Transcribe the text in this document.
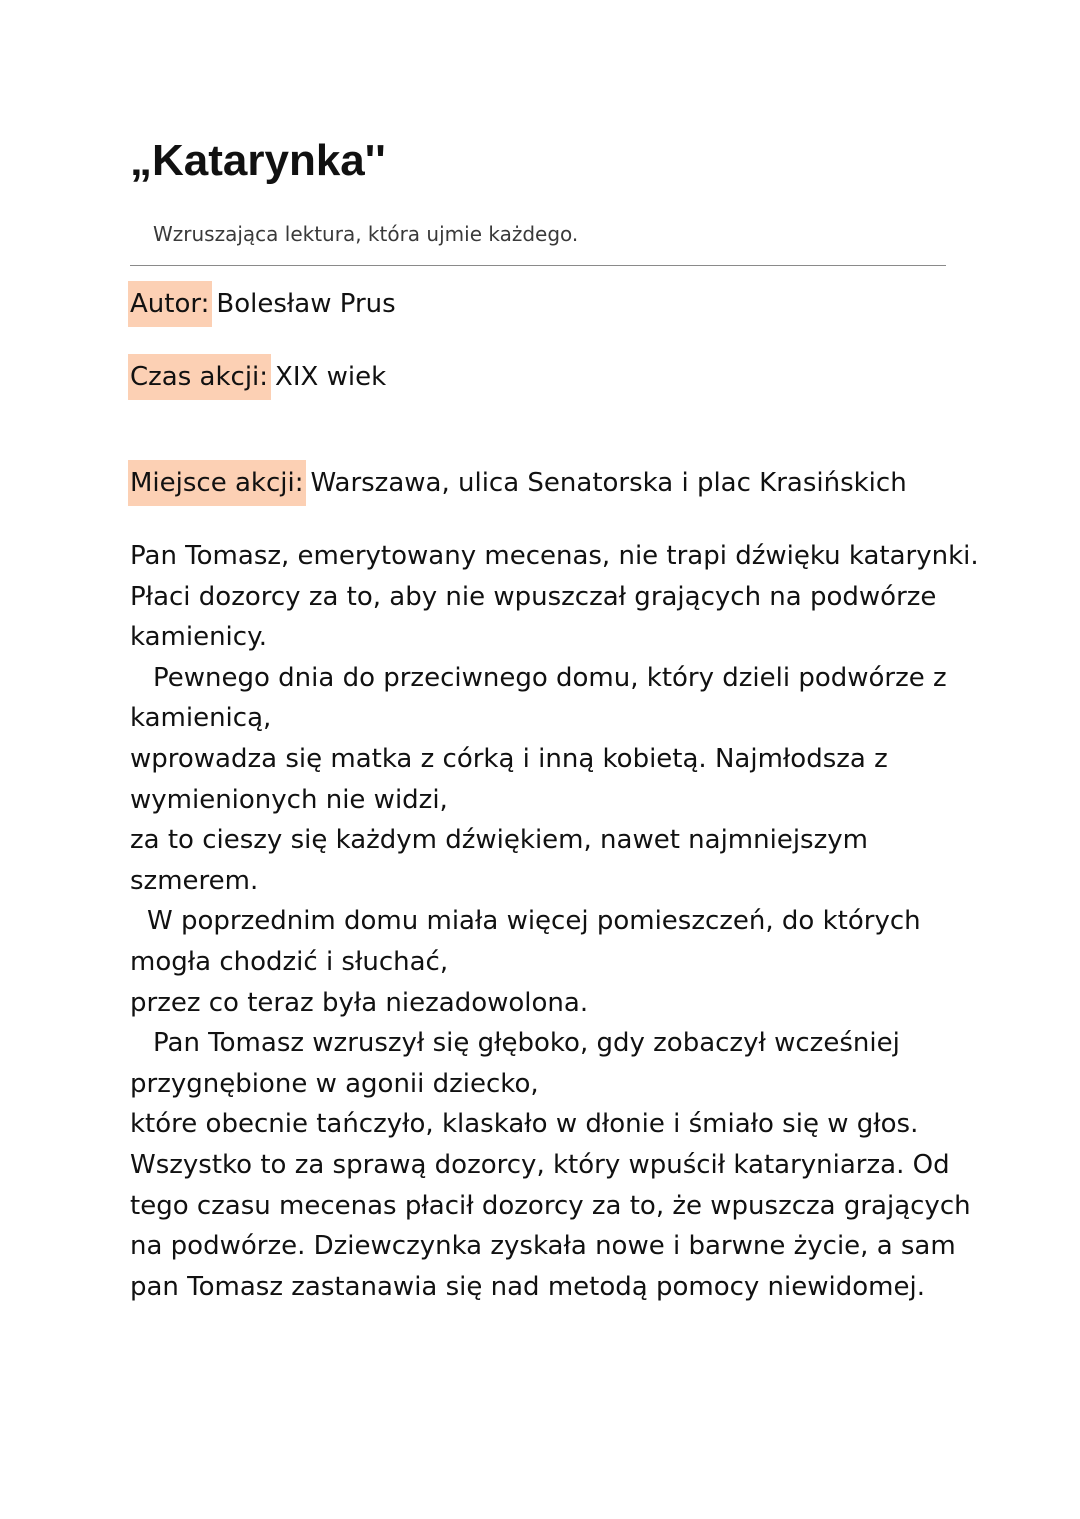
„Katarynka''

Wzruszająca lektura, która ujmie każdego.

Autor: Bolesław Prus

Czas akcji: XIX wiek

Miejsce akcji: Warszawa, ulica Senatorska i plac Krasińskich

Pan Tomasz, emerytowany mecenas, nie trapi dźwięku katarynki.
Płaci dozorcy za to, aby nie wpuszczał grających na podwórze
kamienicy.
Pewnego dnia do przeciwnego domu, który dzieli podwórze z
kamienicą,
wprowadza się matka z córką i inną kobietą. Najmłodsza z
wymienionych nie widzi,
za to cieszy się każdym dźwiękiem, nawet najmniejszym
szmerem.
W poprzednim domu miała więcej pomieszczeń, do których
mogła chodzić i słuchać,
przez co teraz była niezadowolona.
Pan Tomasz wzruszył się głęboko, gdy zobaczył wcześniej
przygnębione w agonii dziecko,
które obecnie tańczyło, klaskało w dłonie i śmiało się w głos.
Wszystko to za sprawą dozorcy, który wpuścił kataryniarza. Od
tego czasu mecenas płacił dozorcy za to, że wpuszcza grających
na podwórze. Dziewczynka zyskała nowe i barwne życie, a sam
pan Tomasz zastanawia się nad metodą pomocy niewidomej.
